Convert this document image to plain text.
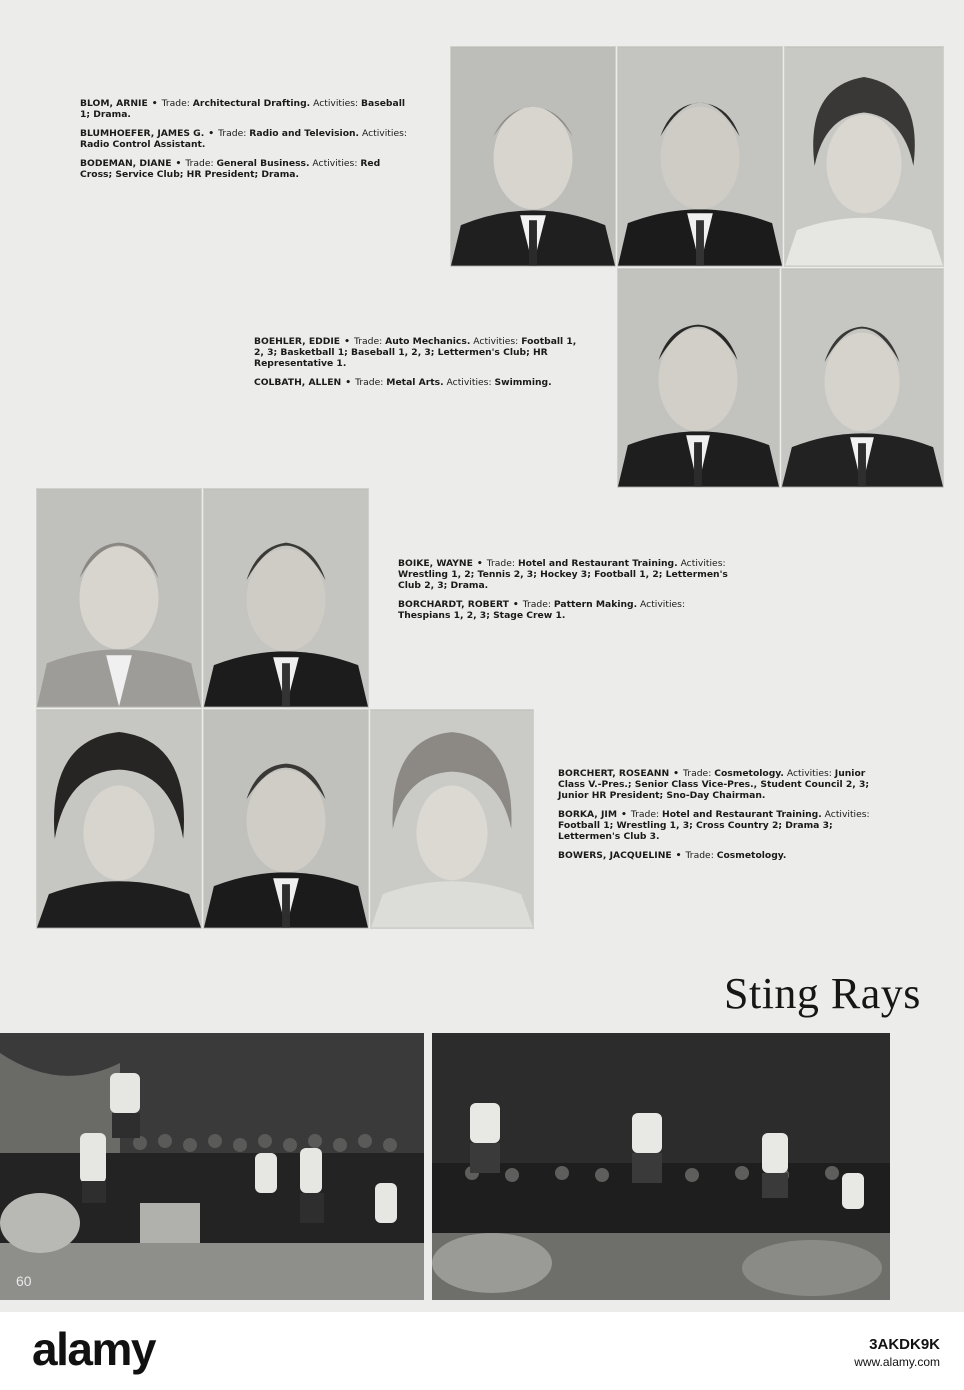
BLOM, ARNIE • Trade: Architectural Drafting. Activities: Baseball 1; Drama.
BLUMHOEFER, JAMES G. • Trade: Radio and Television. Activities: Radio Control Assistant.
BODEMAN, DIANE • Trade: General Business. Activities: Red Cross; Service Club; HR President; Drama.
BOEHLER, EDDIE • Trade: Auto Mechanics. Activities: Football 1, 2, 3; Basketball 1; Baseball 1, 2, 3; Lettermen's Club; HR Representative 1.
COLBATH, ALLEN • Trade: Metal Arts. Activities: Swimming.
BOIKE, WAYNE • Trade: Hotel and Restaurant Training. Activities: Wrestling 1, 2; Tennis 2, 3; Hockey 3; Football 1, 2; Lettermen's Club 2, 3; Drama.
BORCHARDT, ROBERT • Trade: Pattern Making. Activities: Thespians 1, 2, 3; Stage Crew 1.
BORCHERT, ROSEANN • Trade: Cosmetology. Activities: Junior Class V.-Pres.; Senior Class Vice-Pres., Student Council 2, 3; Junior HR President; Sno-Day Chairman.
BORKA, JIM • Trade: Hotel and Restaurant Training. Activities: Football 1; Wrestling 1, 3; Cross Country 2; Drama 3; Lettermen's Club 3.
BOWERS, JACQUELINE • Trade: Cosmetology.
Sting Rays
60
alamy	3AKDK9K
www.alamy.com
